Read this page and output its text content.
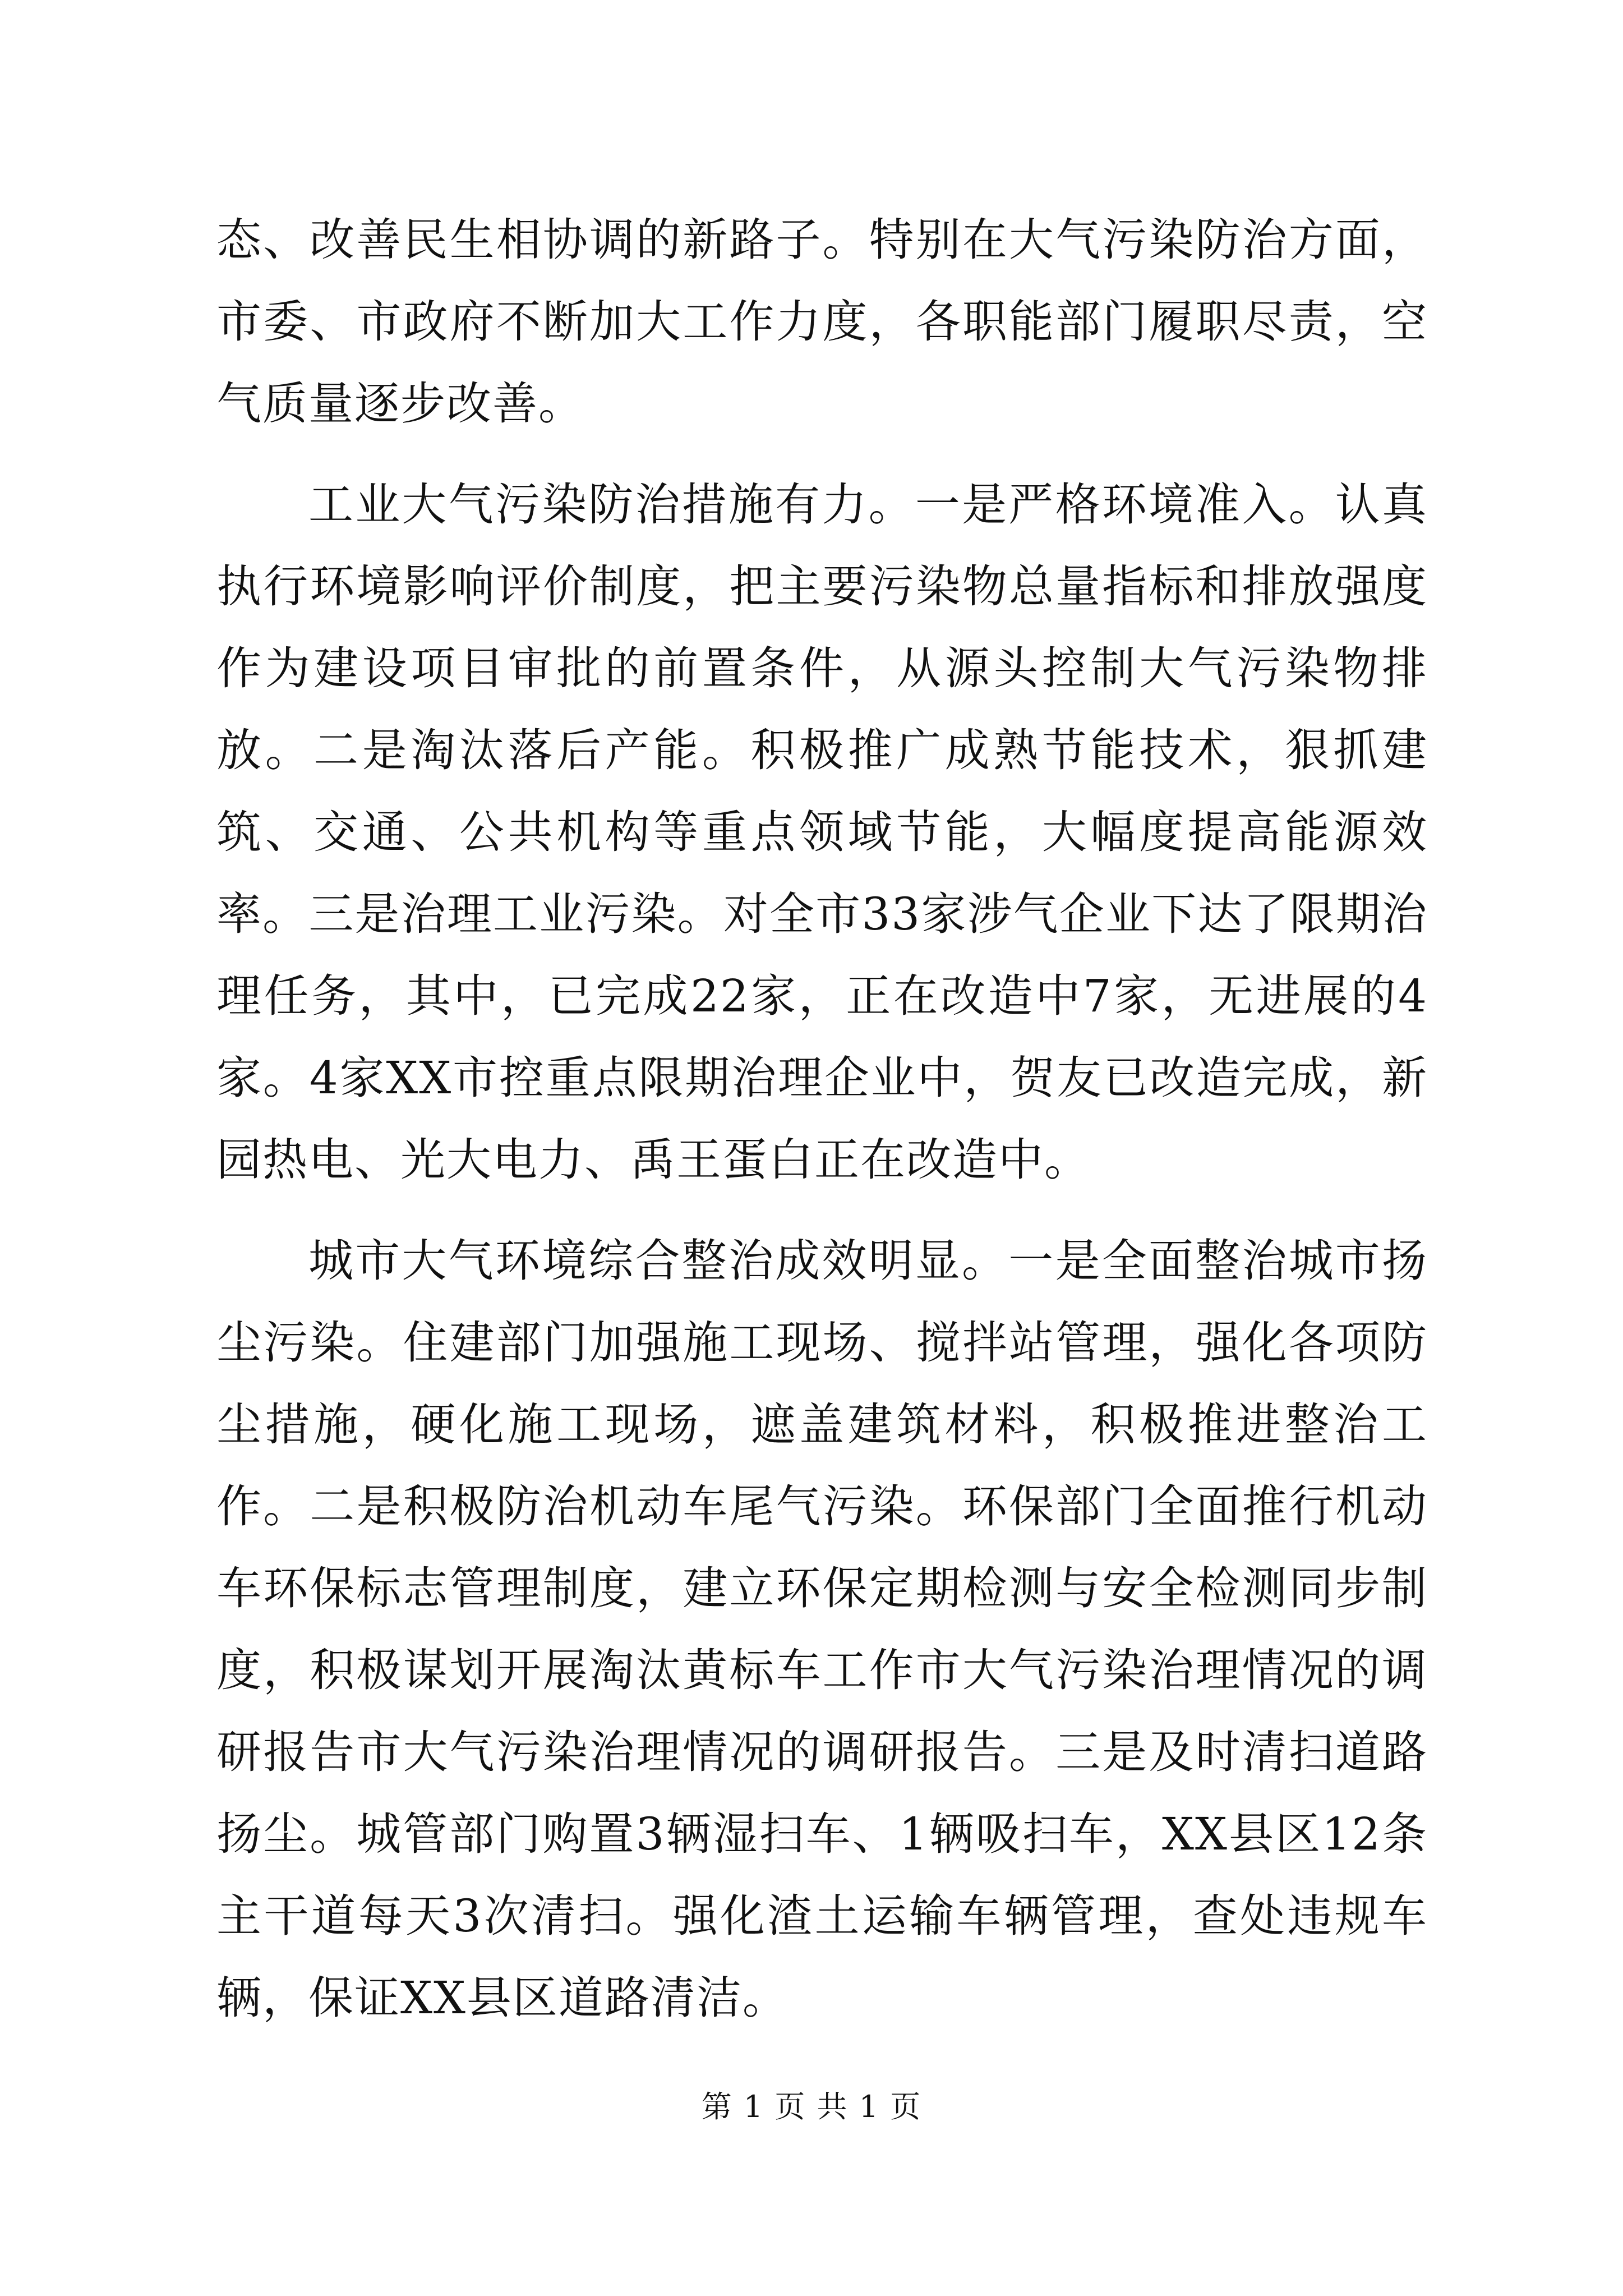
态、改善民生相协调的新路子。特别在大气污染防治方面，市委、市政府不断加大工作力度，各职能部门履职尽责，空气质量逐步改善。

工业大气污染防治措施有力。一是严格环境准入。认真执行环境影响评价制度，把主要污染物总量指标和排放强度作为建设项目审批的前置条件，从源头控制大气污染物排放。二是淘汰落后产能。积极推广成熟节能技术，狠抓建筑、交通、公共机构等重点领域节能，大幅度提高能源效率。三是治理工业污染。对全市33家涉气企业下达了限期治理任务，其中，已完成22家，正在改造中7家，无进展的4家。4家XX市控重点限期治理企业中，贺友已改造完成，新园热电、光大电力、禹王蛋白正在改造中。

城市大气环境综合整治成效明显。一是全面整治城市扬尘污染。住建部门加强施工现场、搅拌站管理，强化各项防尘措施，硬化施工现场，遮盖建筑材料，积极推进整治工作。二是积极防治机动车尾气污染。环保部门全面推行机动车环保标志管理制度，建立环保定期检测与安全检测同步制度，积极谋划开展淘汰黄标车工作市大气污染治理情况的调研报告市大气污染治理情况的调研报告。三是及时清扫道路扬尘。城管部门购置3辆湿扫车、1辆吸扫车，XX县区12条主干道每天3次清扫。强化渣土运输车辆管理，查处违规车辆，保证XX县区道路清洁。

第 1 页 共 1 页
